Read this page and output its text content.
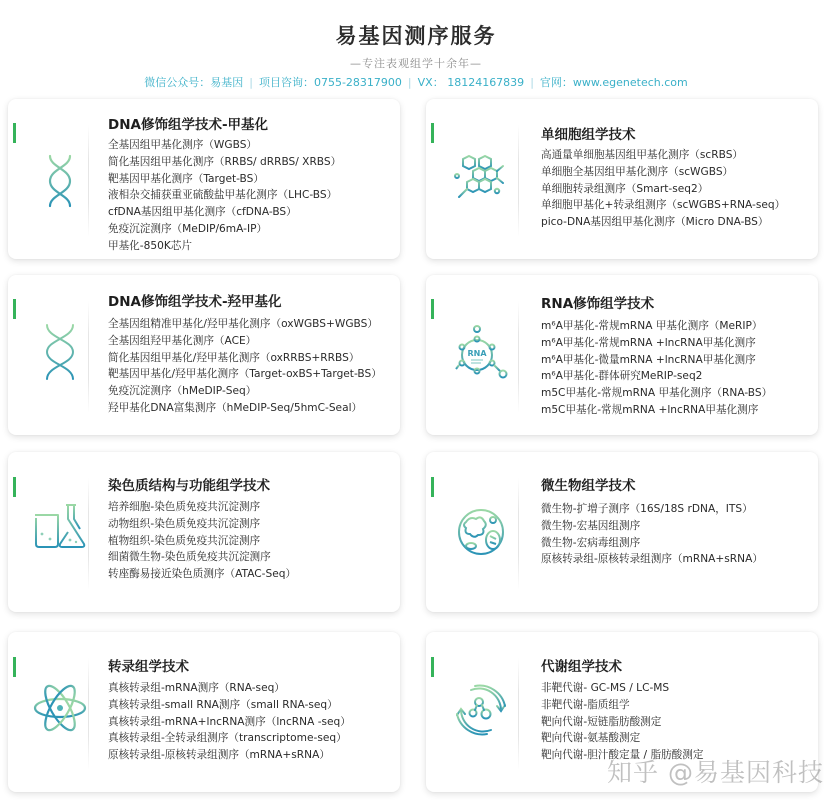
易基因测序服务
—专注表观组学十余年—
微信公众号：易基因 | 项目咨询：0755-28317900 | VX： 18124167839 | 官网：www.egenetech.com
DNA修饰组学技术-甲基化
全基因组甲基化测序（WGBS）
简化基因组甲基化测序（RRBS/ dRRBS/ XRBS）
靶基因甲基化测序（Target-BS）
液相杂交捕获重亚硫酸盐甲基化测序（LHC-BS）
cfDNA基因组甲基化测序（cfDNA-BS）
免疫沉淀测序（MeDIP/6mA-IP）
甲基化-850K芯片
单细胞组学技术
高通量单细胞基因组甲基化测序（scRBS）
单细胞全基因组甲基化测序（scWGBS）
单细胞转录组测序（Smart-seq2）
单细胞甲基化+转录组测序（scWGBS+RNA-seq）
pico-DNA基因组甲基化测序（Micro DNA-BS）
DNA修饰组学技术-羟甲基化
全基因组精准甲基化/羟甲基化测序（oxWGBS+WGBS）
全基因组羟甲基化测序（ACE）
简化基因组甲基化/羟甲基化测序（oxRRBS+RRBS）
靶基因甲基化/羟甲基化测序（Target-oxBS+Target-BS）
免疫沉淀测序（hMeDIP-Seq）
羟甲基化DNA富集测序（hMeDIP-Seq/5hmC-Seal）
RNA
RNA修饰组学技术
m⁶A甲基化-常规mRNA 甲基化测序（MeRIP）
m⁶A甲基化-常规mRNA +lncRNA甲基化测序
m⁶A甲基化-微量mRNA +lncRNA甲基化测序
m⁶A甲基化-群体研究MeRIP-seq2
m5C甲基化-常规mRNA 甲基化测序（RNA-BS）
m5C甲基化-常规mRNA +lncRNA甲基化测序
染色质结构与功能组学技术
培养细胞-染色质免疫共沉淀测序
动物组织-染色质免疫共沉淀测序
植物组织-染色质免疫共沉淀测序
细菌微生物-染色质免疫共沉淀测序
转座酶易接近染色质测序（ATAC-Seq）
微生物组学技术
微生物-扩增子测序（16S/18S rDNA，ITS）
微生物-宏基因组测序
微生物-宏病毒组测序
原核转录组-原核转录组测序（mRNA+sRNA）
转录组学技术
真核转录组-mRNA测序（RNA-seq）
真核转录组-small RNA测序（small RNA-seq）
真核转录组-mRNA+lncRNA测序（lncRNA -seq）
真核转录组-全转录组测序（transcriptome-seq）
原核转录组-原核转录组测序（mRNA+sRNA）
代谢组学技术
非靶代谢- GC-MS / LC-MS
非靶代谢-脂质组学
靶向代谢-短链脂肪酸测定
靶向代谢-氨基酸测定
靶向代谢-胆汁酸定量 / 脂肪酸测定
知乎 @易基因科技
